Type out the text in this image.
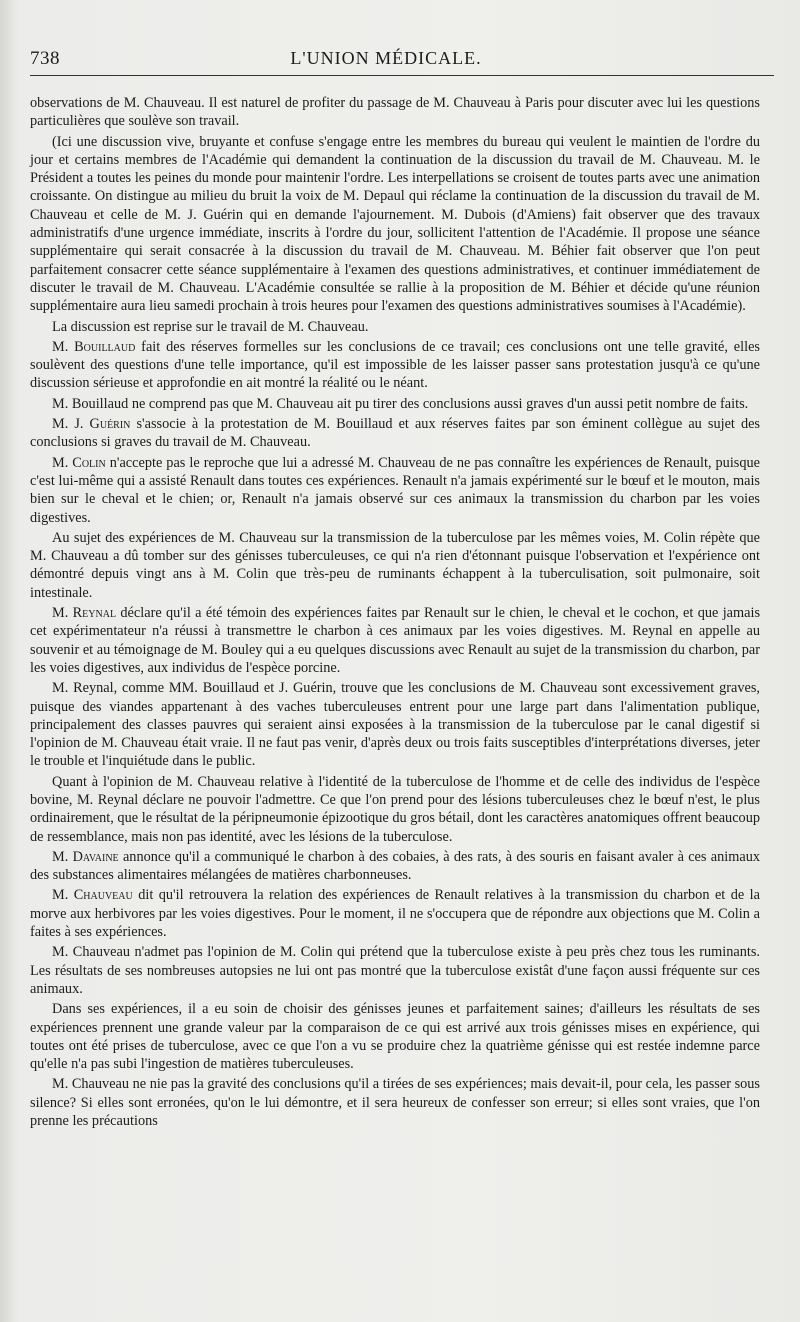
738	L'UNION MÉDICALE.

observations de M. Chauveau. Il est naturel de profiter du passage de M. Chauveau à Paris pour discuter avec lui les questions particulières que soulève son travail.

(Ici une discussion vive, bruyante et confuse s'engage entre les membres du bureau qui veulent le maintien de l'ordre du jour et certains membres de l'Académie qui demandent la continuation de la discussion du travail de M. Chauveau. M. le Président a toutes les peines du monde pour maintenir l'ordre. Les interpellations se croisent de toutes parts avec une animation croissante. On distingue au milieu du bruit la voix de M. Depaul qui réclame la continuation de la discussion du travail de M. Chauveau et celle de M. J. Guérin qui en demande l'ajournement. M. Dubois (d'Amiens) fait observer que des travaux administratifs d'une urgence immédiate, inscrits à l'ordre du jour, sollicitent l'attention de l'Académie. Il propose une séance supplémentaire qui serait consacrée à la discussion du travail de M. Chauveau. M. Béhier fait observer que l'on peut parfaitement consacrer cette séance supplémentaire à l'examen des questions administratives, et continuer immédiatement de discuter le travail de M. Chauveau. L'Académie consultée se rallie à la proposition de M. Béhier et décide qu'une réunion supplémentaire aura lieu samedi prochain à trois heures pour l'examen des questions administratives soumises à l'Académie).

La discussion est reprise sur le travail de M. Chauveau.

M. Bouillaud fait des réserves formelles sur les conclusions de ce travail; ces conclusions ont une telle gravité, elles soulèvent des questions d'une telle importance, qu'il est impossible de les laisser passer sans protestation jusqu'à ce qu'une discussion sérieuse et approfondie en ait montré la réalité ou le néant.

M. Bouillaud ne comprend pas que M. Chauveau ait pu tirer des conclusions aussi graves d'un aussi petit nombre de faits.

M. J. Guérin s'associe à la protestation de M. Bouillaud et aux réserves faites par son éminent collègue au sujet des conclusions si graves du travail de M. Chauveau.

M. Colin n'accepte pas le reproche que lui a adressé M. Chauveau de ne pas connaître les expériences de Renault, puisque c'est lui-même qui a assisté Renault dans toutes ces expériences. Renault n'a jamais expérimenté sur le bœuf et le mouton, mais bien sur le cheval et le chien; or, Renault n'a jamais observé sur ces animaux la transmission du charbon par les voies digestives.

Au sujet des expériences de M. Chauveau sur la transmission de la tuberculose par les mêmes voies, M. Colin répète que M. Chauveau a dû tomber sur des génisses tuberculeuses, ce qui n'a rien d'étonnant puisque l'observation et l'expérience ont démontré depuis vingt ans à M. Colin que très-peu de ruminants échappent à la tuberculisation, soit pulmonaire, soit intestinale.

M. Reynal déclare qu'il a été témoin des expériences faites par Renault sur le chien, le cheval et le cochon, et que jamais cet expérimentateur n'a réussi à transmettre le charbon à ces animaux par les voies digestives. M. Reynal en appelle au souvenir et au témoignage de M. Bouley qui a eu quelques discussions avec Renault au sujet de la transmission du charbon, par les voies digestives, aux individus de l'espèce porcine.

M. Reynal, comme MM. Bouillaud et J. Guérin, trouve que les conclusions de M. Chauveau sont excessivement graves, puisque des viandes appartenant à des vaches tuberculeuses entrent pour une large part dans l'alimentation publique, principalement des classes pauvres qui seraient ainsi exposées à la transmission de la tuberculose par le canal digestif si l'opinion de M. Chauveau était vraie. Il ne faut pas venir, d'après deux ou trois faits susceptibles d'interprétations diverses, jeter le trouble et l'inquiétude dans le public.

Quant à l'opinion de M. Chauveau relative à l'identité de la tuberculose de l'homme et de celle des individus de l'espèce bovine, M. Reynal déclare ne pouvoir l'admettre. Ce que l'on prend pour des lésions tuberculeuses chez le bœuf n'est, le plus ordinairement, que le résultat de la péripneumonie épizootique du gros bétail, dont les caractères anatomiques offrent beaucoup de ressemblance, mais non pas identité, avec les lésions de la tuberculose.

M. Davaine annonce qu'il a communiqué le charbon à des cobaies, à des rats, à des souris en faisant avaler à ces animaux des substances alimentaires mélangées de matières charbonneuses.

M. Chauveau dit qu'il retrouvera la relation des expériences de Renault relatives à la transmission du charbon et de la morve aux herbivores par les voies digestives. Pour le moment, il ne s'occupera que de répondre aux objections que M. Colin a faites à ses expériences.

M. Chauveau n'admet pas l'opinion de M. Colin qui prétend que la tuberculose existe à peu près chez tous les ruminants. Les résultats de ses nombreuses autopsies ne lui ont pas montré que la tuberculose existât d'une façon aussi fréquente sur ces animaux.

Dans ses expériences, il a eu soin de choisir des génisses jeunes et parfaitement saines; d'ailleurs les résultats de ses expériences prennent une grande valeur par la comparaison de ce qui est arrivé aux trois génisses mises en expérience, qui toutes ont été prises de tuberculose, avec ce que l'on a vu se produire chez la quatrième génisse qui est restée indemne parce qu'elle n'a pas subi l'ingestion de matières tuberculeuses.

M. Chauveau ne nie pas la gravité des conclusions qu'il a tirées de ses expériences; mais devait-il, pour cela, les passer sous silence? Si elles sont erronées, qu'on le lui démontre, et il sera heureux de confesser son erreur; si elles sont vraies, que l'on prenne les précautions
